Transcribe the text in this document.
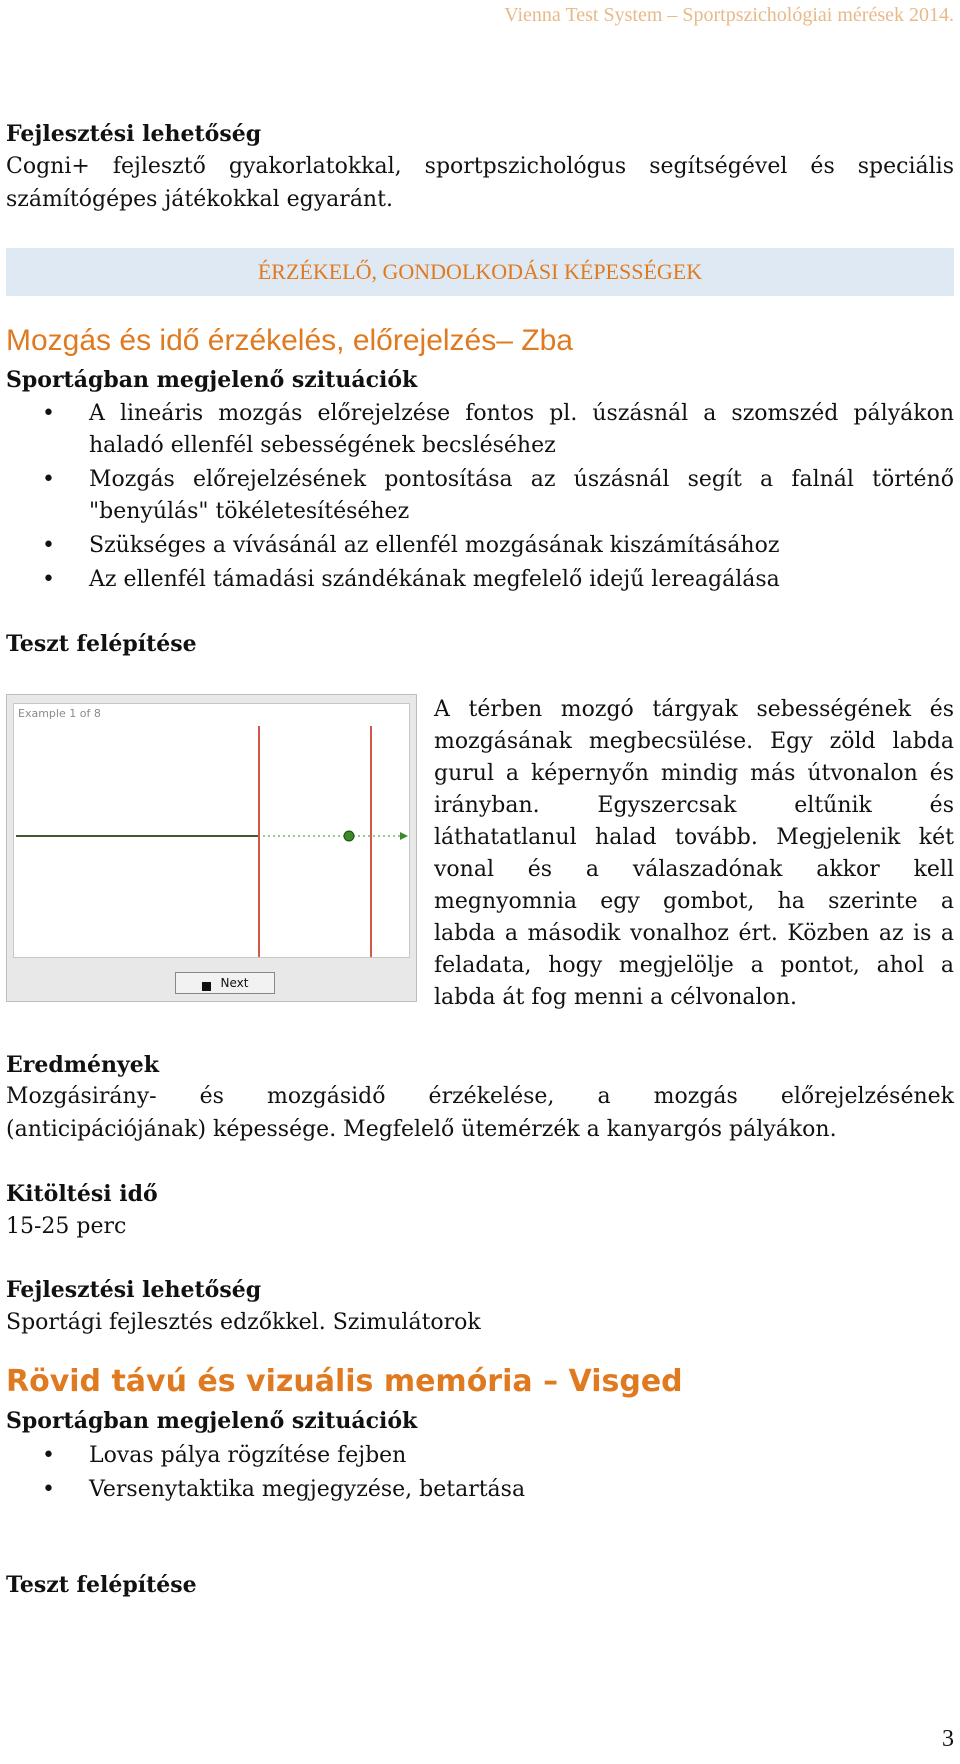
Vienna Test System – Sportpszichológiai mérések 2014.
Fejlesztési lehetőség
Cogni+ fejlesztő gyakorlatokkal, sportpszichológus segítségével és speciális
számítógépes játékokkal egyaránt.
ÉRZÉKELŐ, GONDOLKODÁSI KÉPESSÉGEK
Mozgás és idő érzékelés, előrejelzés– Zba
Sportágban megjelenő szituációk
• A lineáris mozgás előrejelzése fontos pl. úszásnál a szomszéd pályákon
haladó ellenfél sebességének becsléséhez
• Mozgás előrejelzésének pontosítása az úszásnál segít a falnál történő
"benyúlás" tökéletesítéséhez
• Szükséges a vívásánál az ellenfél mozgásának kiszámításához
• Az ellenfél támadási szándékának megfelelő idejű lereagálása
Teszt felépítése
Example 1 of 8
Next
A térben mozgó tárgyak sebességének és
mozgásának megbecsülése. Egy zöld labda
gurul a képernyőn mindig más útvonalon és
irányban. Egyszercsak eltűnik és
láthatatlanul halad tovább. Megjelenik két
vonal és a válaszadónak akkor kell
megnyomnia egy gombot, ha szerinte a
labda a második vonalhoz ért. Közben az is a
feladata, hogy megjelölje a pontot, ahol a
labda át fog menni a célvonalon.
Eredmények
Mozgásirány- és mozgásidő érzékelése, a mozgás előrejelzésének
(anticipációjának) képessége. Megfelelő ütemérzék a kanyargós pályákon.
Kitöltési idő
15-25 perc
Fejlesztési lehetőség
Sportági fejlesztés edzőkkel. Szimulátorok
Rövid távú és vizuális memória – Visged
Sportágban megjelenő szituációk
• Lovas pálya rögzítése fejben
• Versenytaktika megjegyzése, betartása
Teszt felépítése
3
